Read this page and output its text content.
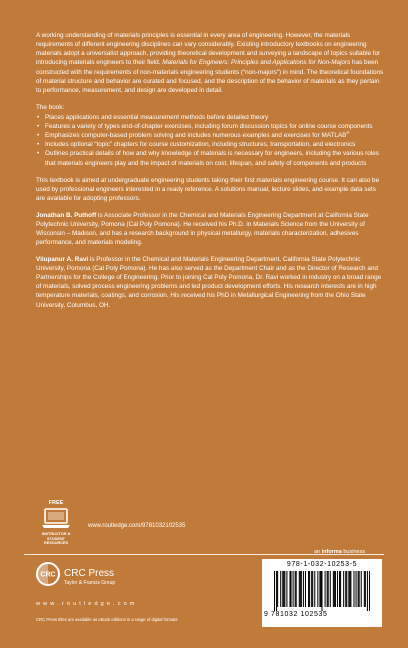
A working understanding of materials principles is essential in every area of engineering. However, the materials requirements of different engineering disciplines can vary considerably. Existing introductory textbooks on engineering materials adopt a universalist approach, providing theoretical development and surveying a landscape of topics suitable for introducing materials engineers to their field. Materials for Engineers: Principles and Applications for Non-Majors has been constructed with the requirements of non-materials engineering students (“non-majors”) in mind. The theoretical foundations of material structure and behavior are curated and focused, and the description of the behavior of materials as they pertain to performance, measurement, and design are developed in detail.

The book:
• Places applications and essential measurement methods before detailed theory
• Features a variety of types end-of-chapter exercises, including forum discussion topics for online course components
• Emphasizes computer-based problem solving and includes numerous examples and exercises for MATLAB®
• Includes optional “topic” chapters for course customization, including structures, transportation, and electronics
• Outlines practical details of how and why knowledge of materials is necessary for engineers, including the various roles that materials engineers play and the impact of materials on cost, lifespan, and safety of components and products

This textbook is aimed at undergraduate engineering students taking their first materials engineering course. It can also be used by professional engineers interested in a ready reference. A solutions manual, lecture slides, and example data sets are available for adopting professors.

Jonathan B. Puthoff is Associate Professor in the Chemical and Materials Engineering Department at California State Polytechnic University, Pomona (Cal Poly Pomona). He received his Ph.D. in Materials Science from the University of Wisconsin – Madison, and has a research background in physical metallurgy, materials characterization, adhesives performance, and materials modeling.

Vilupanur A. Ravi is Professor in the Chemical and Materials Engineering Department, California State Polytechnic University, Pomona (Cal Poly Pomona). He has also served as the Department Chair and as the Director of Research and Partnerships for the College of Engineering. Prior to joining Cal Poly Pomona, Dr. Ravi worked in industry on a broad range of materials, solved process engineering problems and led product development efforts. His research interests are in high temperature materials, coatings, and corrosion. His received his PhD in Metallurgical Engineering from the Ohio State University, Columbus, OH.

FREE
INSTRUCTOR & STUDENT
RESOURCES
www.routledge.com/9781032102535
an informa business
CRC CRC Press
Taylor & Francis Group
w w w . r o u t l e d g e . c o m
CRC Press titles are available as eBook editions in a range of digital formats
978-1-032-10253-5
9 781032 102535
